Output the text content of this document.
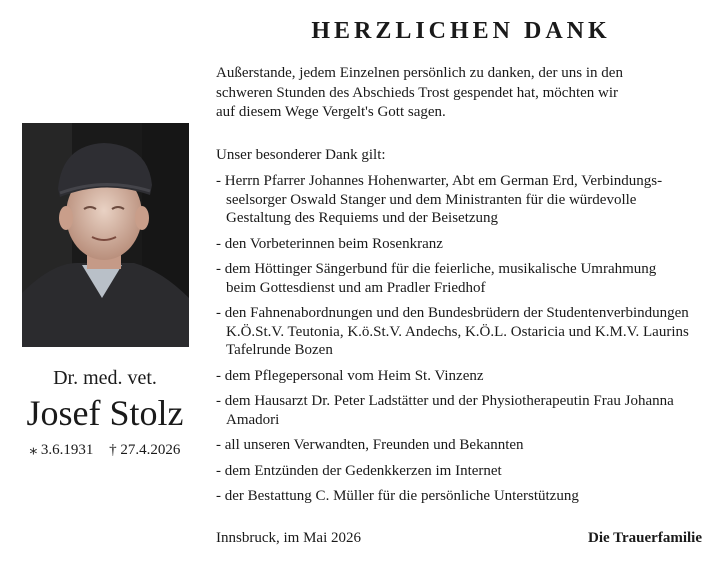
HERZLICHEN DANK
Außerstande, jedem Einzelnen persönlich zu danken, der uns in den
schweren Stunden des Abschieds Trost gespendet hat, möchten wir
auf diesem Wege Vergelt's Gott sagen.
Dr. med. vet.
Josef Stolz
⁎ 3.6.1931 † 27.4.2026
Unser besonderer Dank gilt:
- Herrn Pfarrer Johannes Hohenwarter, Abt em German Erd, Verbindungs-
seelsorger Oswald Stanger und dem Ministranten für die würdevolle
Gestaltung des Requiems und der Beisetzung
- den Vorbeterinnen beim Rosenkranz
- dem Höttinger Sängerbund für die feierliche, musikalische Umrahmung
beim Gottesdienst und am Pradler Friedhof
- den Fahnenabordnungen und den Bundesbrüdern der Studentenverbindungen
K.Ö.St.V. Teutonia, K.ö.St.V. Andechs, K.Ö.L. Ostaricia und K.M.V. Laurins
Tafelrunde Bozen
- dem Pflegepersonal vom Heim St. Vinzenz
- dem Hausarzt Dr. Peter Ladstätter und der Physiotherapeutin Frau Johanna
Amadori
- all unseren Verwandten, Freunden und Bekannten
- dem Entzünden der Gedenkkerzen im Internet
- der Bestattung C. Müller für die persönliche Unterstützung
Innsbruck, im Mai 2026	Die Trauerfamilie
